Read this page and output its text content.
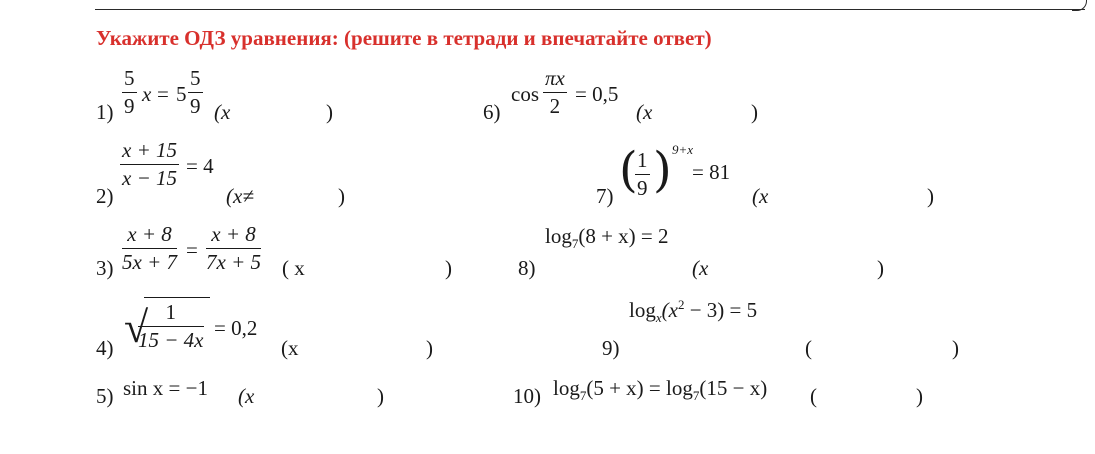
Укажите ОДЗ уравнения: (решите в тетради и впечатайте ответ)
$1) \frac{5}{9}$ $x = 5 \frac{5}{9} (x$	)
2)
$\frac{x + 15}{x - 15} = 4$
(x≠	)
$3) \frac{x + 8}{5x + 7} = \frac{x + 8}{7x + 5}$ ( x	)
4) √
$\frac{1}{15 - 4x} = 0,2$
(x	)
5) sin x = −1 (x	)
6)
$\cos \frac{\pi x}{2} = 0,5$
(x	)
7) (
$\frac{1}{9}$ ) 9+x
= 81
(x	)
8)
$\log_7(8 + x) = 2$
(x	)
9)
$\log_x(x^2 - 3) = 5$
(	)
10) $\log_7(5 + x) = \log_7(15 - x)$ (	)
